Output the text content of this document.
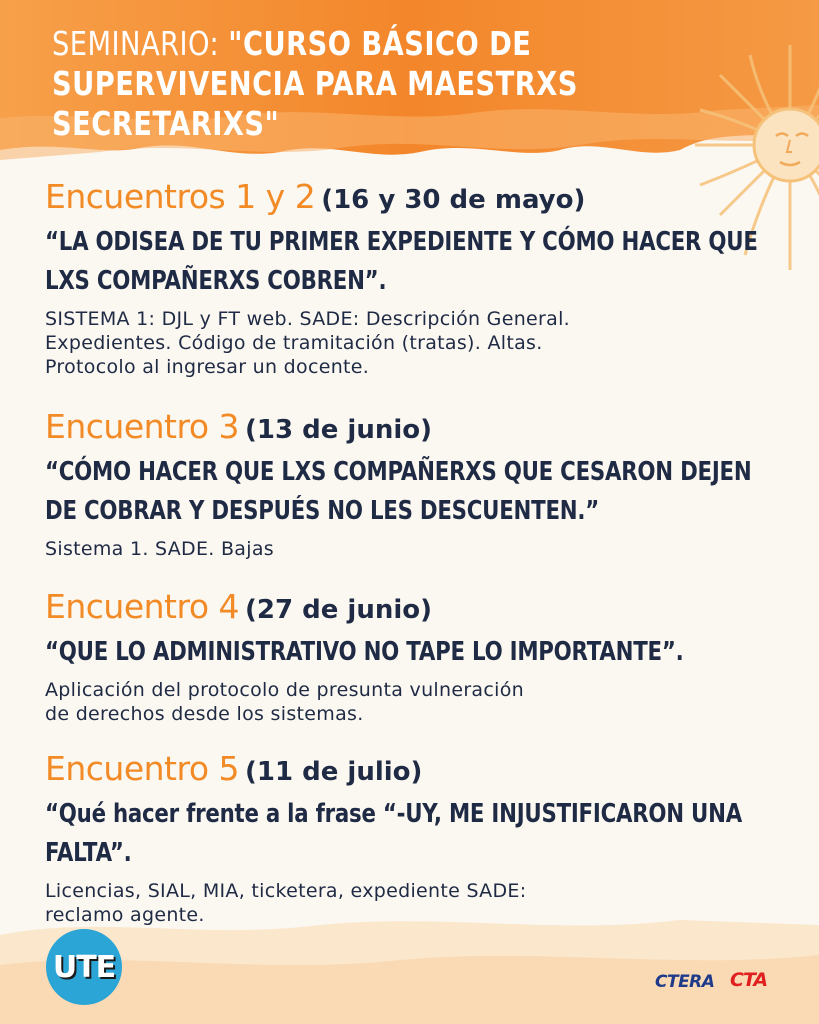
SEMINARIO: "CURSO BÁSICO DE SUPERVIVENCIA PARA MAESTRXS SECRETARIXS"
Encuentros 1 y 2 (16 y 30 de mayo)
“LA ODISEA DE TU PRIMER EXPEDIENTE Y CÓMO HACER QUE
LXS COMPAÑERXS COBREN”.
SISTEMA 1: DJL y FT web. SADE: Descripción General.
Expedientes. Código de tramitación (tratas). Altas.
Protocolo al ingresar un docente.
Encuentro 3 (13 de junio)
“CÓMO HACER QUE LXS COMPAÑERXS QUE CESARON DEJEN
DE COBRAR Y DESPUÉS NO LES DESCUENTEN.”
Sistema 1. SADE. Bajas
Encuentro 4 (27 de junio)
“QUE LO ADMINISTRATIVO NO TAPE LO IMPORTANTE”.
Aplicación del protocolo de presunta vulneración
de derechos desde los sistemas.
Encuentro 5 (11 de julio)
“Qué hacer frente a la frase “-UY, ME INJUSTIFICARON UNA FALTA”.
Licencias, SIAL, MIA, ticketera, expediente SADE:
reclamo agente.
UTE	CTERA CTA
